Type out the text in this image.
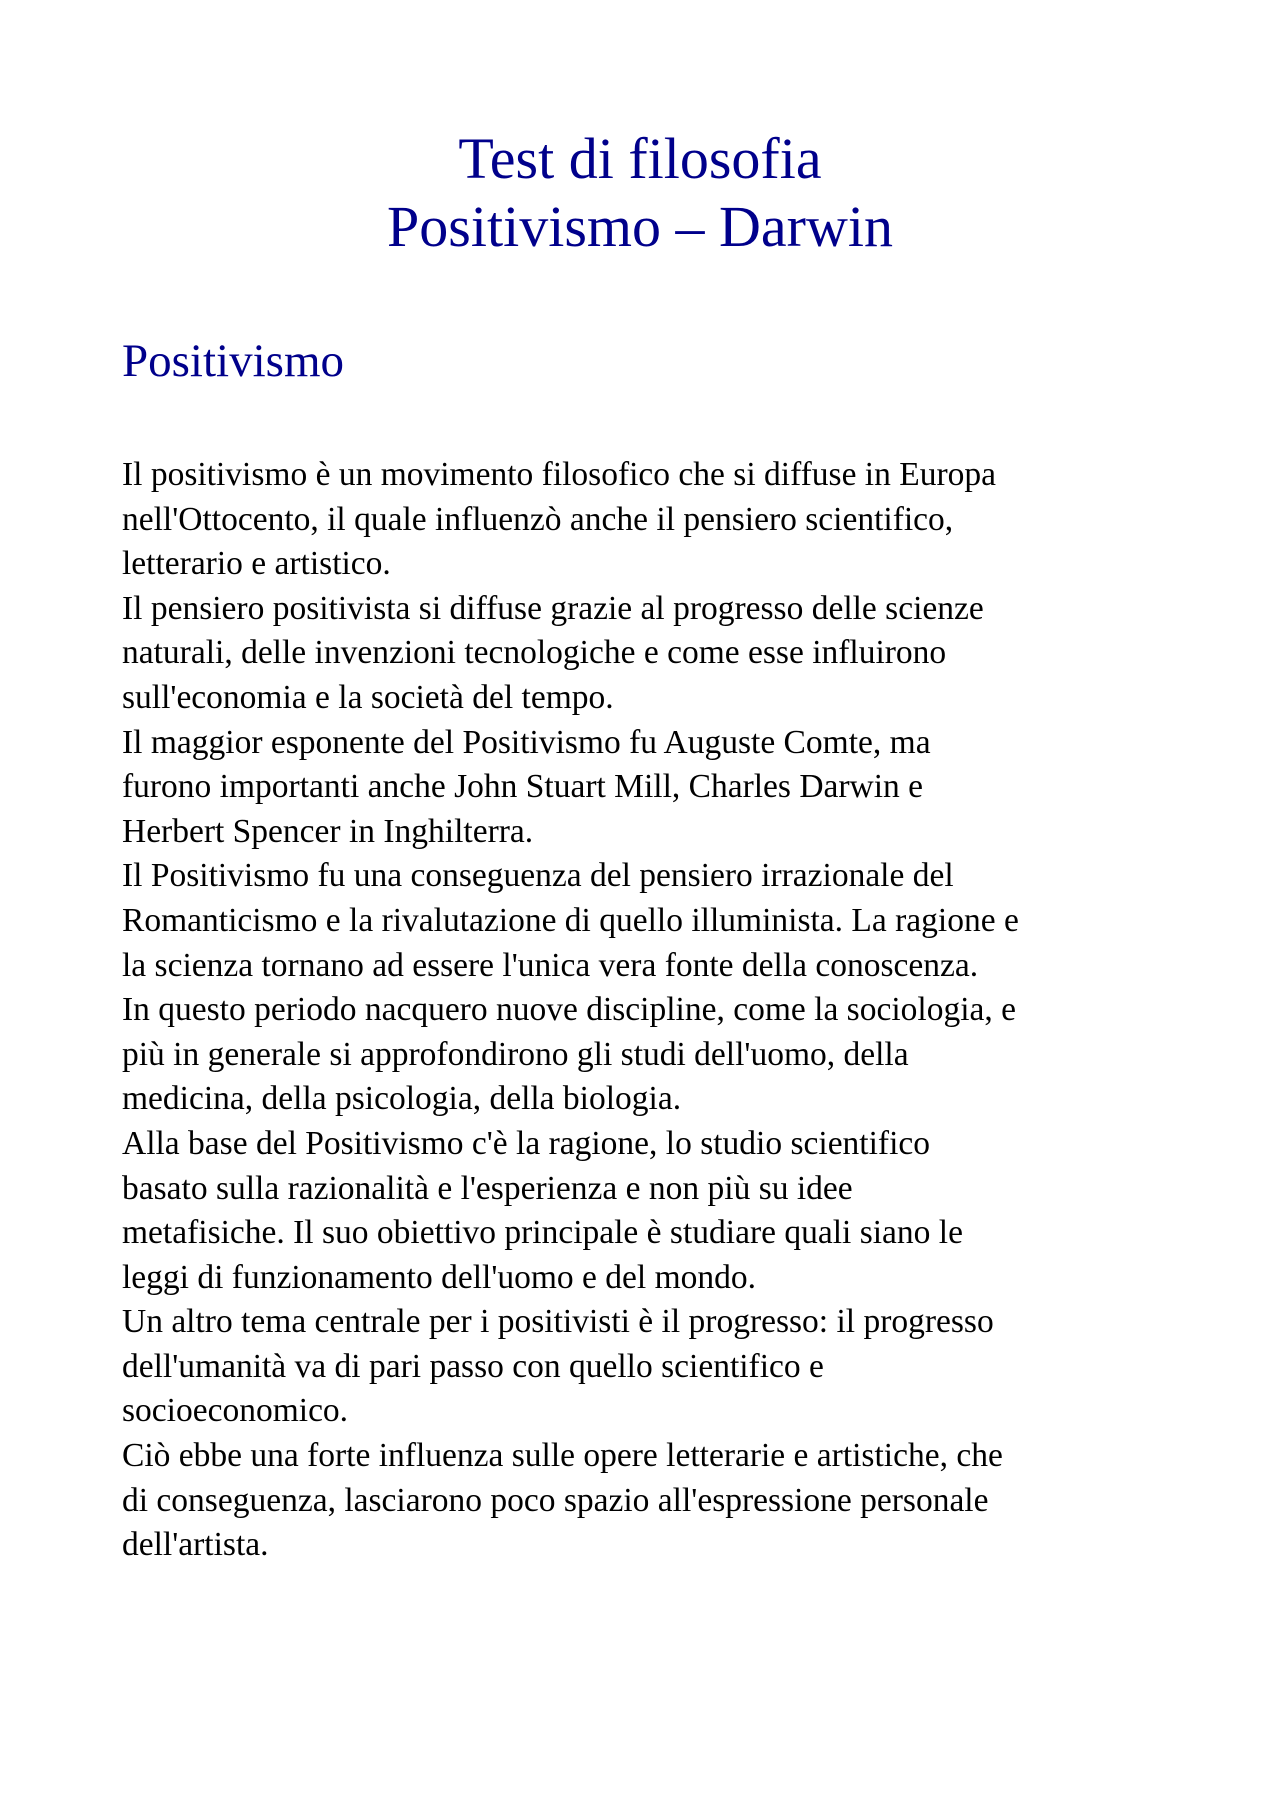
Test di filosofia
Positivismo – Darwin
Positivismo
Il positivismo è un movimento filosofico che si diffuse in Europa
nell'Ottocento, il quale influenzò anche il pensiero scientifico,
letterario e artistico.
Il pensiero positivista si diffuse grazie al progresso delle scienze
naturali, delle invenzioni tecnologiche e come esse influirono
sull'economia e la società del tempo.
Il maggior esponente del Positivismo fu Auguste Comte, ma
furono importanti anche John Stuart Mill, Charles Darwin e
Herbert Spencer in Inghilterra.
Il Positivismo fu una conseguenza del pensiero irrazionale del
Romanticismo e la rivalutazione di quello illuminista. La ragione e
la scienza tornano ad essere l'unica vera fonte della conoscenza.
In questo periodo nacquero nuove discipline, come la sociologia, e
più in generale si approfondirono gli studi dell'uomo, della
medicina, della psicologia, della biologia.
Alla base del Positivismo c'è la ragione, lo studio scientifico
basato sulla razionalità e l'esperienza e non più su idee
metafisiche. Il suo obiettivo principale è studiare quali siano le
leggi di funzionamento dell'uomo e del mondo.
Un altro tema centrale per i positivisti è il progresso: il progresso
dell'umanità va di pari passo con quello scientifico e
socioeconomico.
Ciò ebbe una forte influenza sulle opere letterarie e artistiche, che
di conseguenza, lasciarono poco spazio all'espressione personale
dell'artista.
